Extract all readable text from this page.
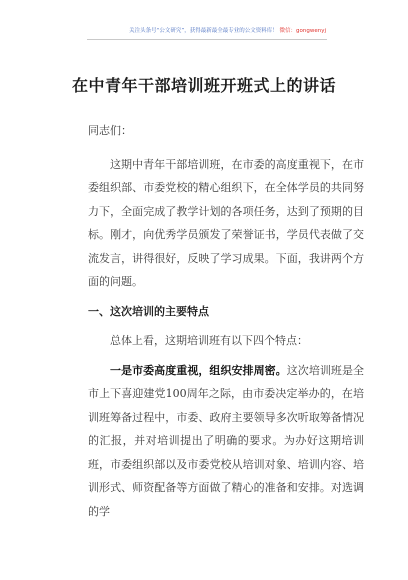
关注头条号“公文研究”，获得最新最全最专业的公文资料库！ 微信：gongwenyj
在中青年干部培训班开班式上的讲话

同志们：

这期中青年干部培训班，在市委的高度重视下，在市委组织部、市委党校的精心组织下，在全体学员的共同努力下，全面完成了教学计划的各项任务，达到了预期的目标。刚才，向优秀学员颁发了荣誉证书，学员代表做了交流发言，讲得很好，反映了学习成果。下面，我讲两个方面的问题。

一、这次培训的主要特点

总体上看，这期培训班有以下四个特点：

一是市委高度重视，组织安排周密。这次培训班是全市上下喜迎建党100周年之际，由市委决定举办的，在培训班筹备过程中，市委、政府主要领导多次听取筹备情况的汇报，并对培训提出了明确的要求。为办好这期培训班，市委组织部以及市委党校从培训对象、培训内容、培训形式、师资配备等方面做了精心的准备和安排。对选调的学
